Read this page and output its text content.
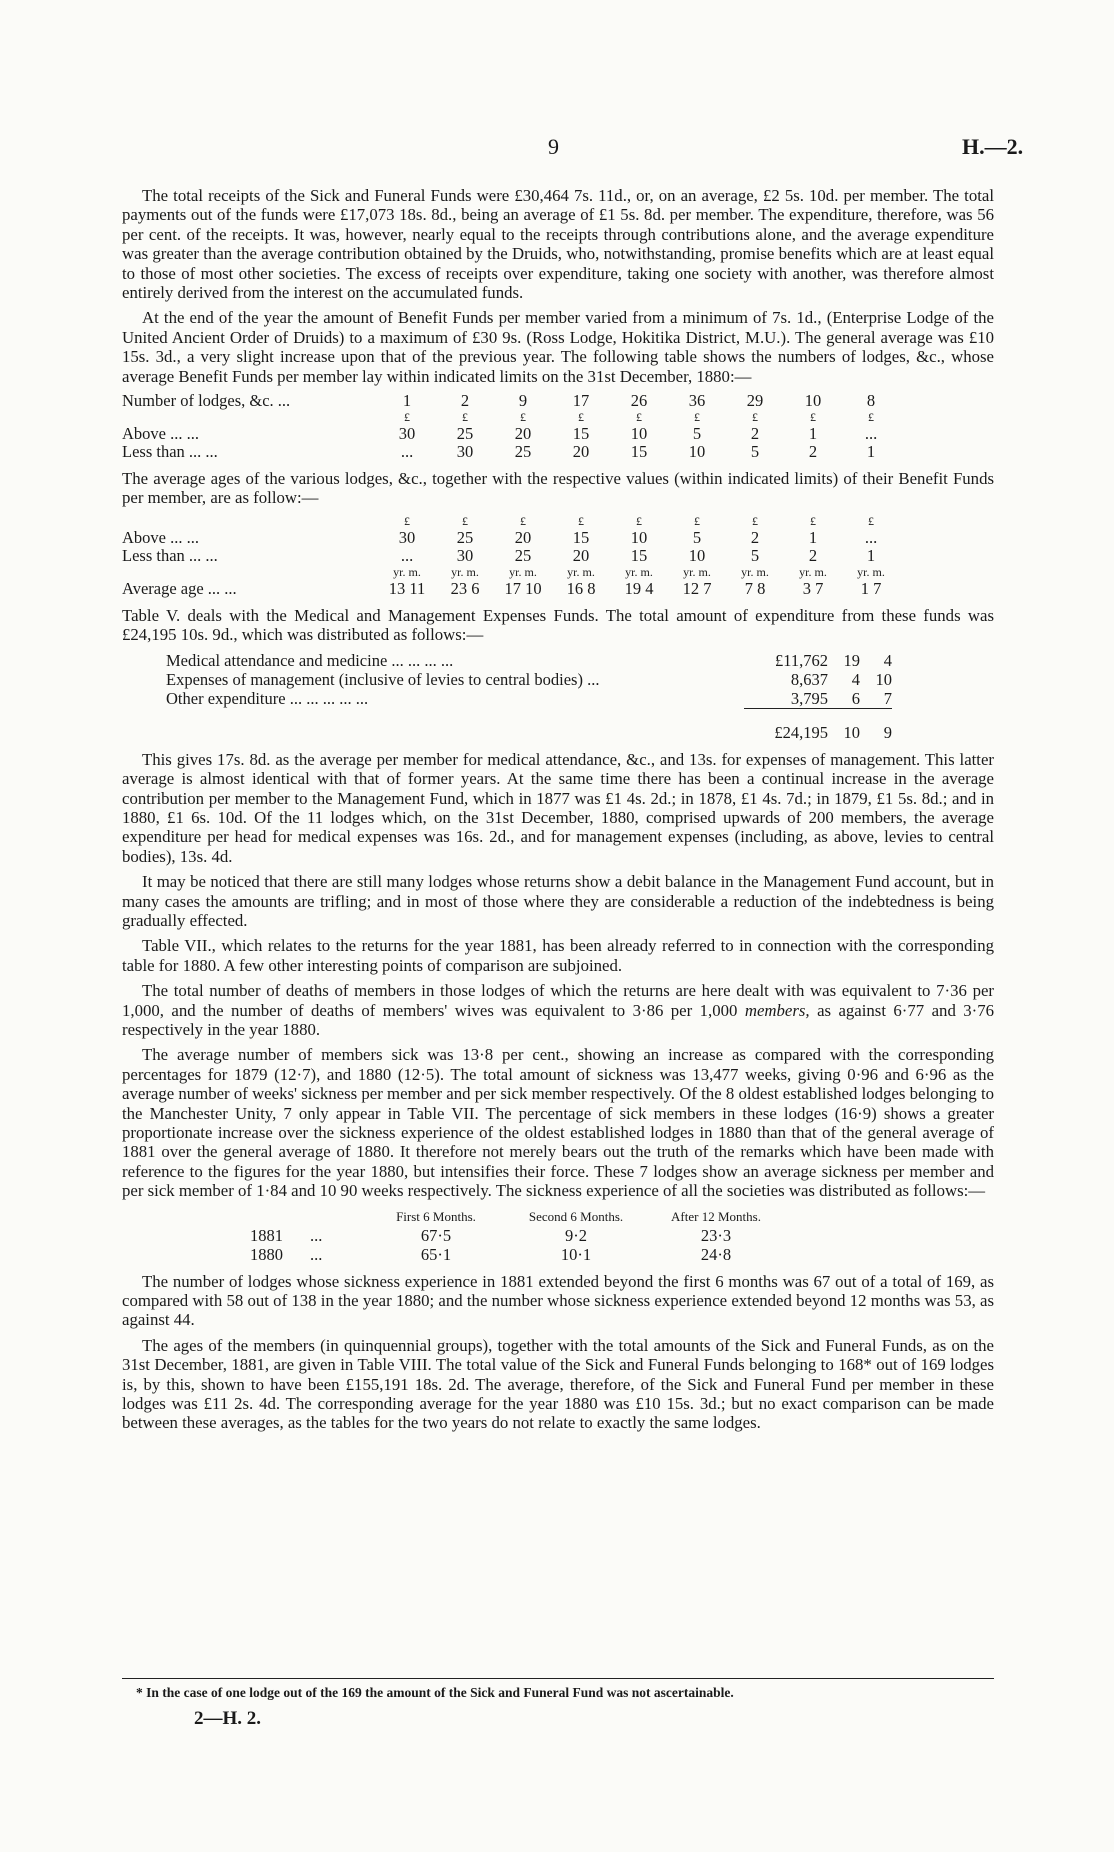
9	H.—2.

The total receipts of the Sick and Funeral Funds were £30,464 7s. 11d., or, on an average, £2 5s. 10d. per member. The total payments out of the funds were £17,073 18s. 8d., being an average of £1 5s. 8d. per member. The expenditure, therefore, was 56 per cent. of the receipts. It was, however, nearly equal to the receipts through contributions alone, and the average expenditure was greater than the average contribution obtained by the Druids, who, notwithstanding, promise benefits which are at least equal to those of most other societies. The excess of receipts over expenditure, taking one society with another, was therefore almost entirely derived from the interest on the accumulated funds.

At the end of the year the amount of Benefit Funds per member varied from a minimum of 7s. 1d., (Enterprise Lodge of the United Ancient Order of Druids) to a maximum of £30 9s. (Ross Lodge, Hokitika District, M.U.). The general average was £10 15s. 3d., a very slight increase upon that of the previous year. The following table shows the numbers of lodges, &c., whose average Benefit Funds per member lay within indicated limits on the 31st December, 1880:—

Number of lodges, &c. ...	1	2	9	17	26	36	29	10	8
	£	£	£	£	£	£	£	£	£
Above ... ...	30	25	20	15	10	5	2	1	...
Less than ... ...	...	30	25	20	15	10	5	2	1

The average ages of the various lodges, &c., together with the respective values (within indicated limits) of their Benefit Funds per member, are as follow:—

	£	£	£	£	£	£	£	£	£
Above ... ...	30	25	20	15	10	5	2	1	...
Less than ... ...	...	30	25	20	15	10	5	2	1
	yr. m.	yr. m.	yr. m.	yr. m.	yr. m.	yr. m.	yr. m.	yr. m.	yr. m.
Average age ... ...	13 11	23 6	17 10	16 8	19 4	12 7	7 8	3 7	1 7

Table V. deals with the Medical and Management Expenses Funds. The total amount of expenditure from these funds was £24,195 10s. 9d., which was distributed as follows:—

Medical attendance and medicine ... ... ... ...	£11,762	19	4
Expenses of management (inclusive of levies to central bodies) ...	8,637	4	10
Other expenditure ... ... ... ... ...	3,795	6	7
	£24,195	10	9

This gives 17s. 8d. as the average per member for medical attendance, &c., and 13s. for expenses of management. This latter average is almost identical with that of former years. At the same time there has been a continual increase in the average contribution per member to the Management Fund, which in 1877 was £1 4s. 2d.; in 1878, £1 4s. 7d.; in 1879, £1 5s. 8d.; and in 1880, £1 6s. 10d. Of the 11 lodges which, on the 31st December, 1880, comprised upwards of 200 members, the average expenditure per head for medical expenses was 16s. 2d., and for management expenses (including, as above, levies to central bodies), 13s. 4d.

It may be noticed that there are still many lodges whose returns show a debit balance in the Management Fund account, but in many cases the amounts are trifling; and in most of those where they are considerable a reduction of the indebtedness is being gradually effected.

Table VII., which relates to the returns for the year 1881, has been already referred to in connection with the corresponding table for 1880. A few other interesting points of comparison are subjoined.

The total number of deaths of members in those lodges of which the returns are here dealt with was equivalent to 7·36 per 1,000, and the number of deaths of members' wives was equivalent to 3·86 per 1,000 members, as against 6·77 and 3·76 respectively in the year 1880.

The average number of members sick was 13·8 per cent., showing an increase as compared with the corresponding percentages for 1879 (12·7), and 1880 (12·5). The total amount of sickness was 13,477 weeks, giving 0·96 and 6·96 as the average number of weeks' sickness per member and per sick member respectively. Of the 8 oldest established lodges belonging to the Manchester Unity, 7 only appear in Table VII. The percentage of sick members in these lodges (16·9) shows a greater proportionate increase over the sickness experience of the oldest established lodges in 1880 than that of the general average of 1881 over the general average of 1880. It therefore not merely bears out the truth of the remarks which have been made with reference to the figures for the year 1880, but intensifies their force. These 7 lodges show an average sickness per member and per sick member of 1·84 and 10 90 weeks respectively. The sickness experience of all the societies was distributed as follows:—

		First 6 Months.	Second 6 Months.	After 12 Months.
1881	...	67·5	9·2	23·3
1880	...	65·1	10·1	24·8

The number of lodges whose sickness experience in 1881 extended beyond the first 6 months was 67 out of a total of 169, as compared with 58 out of 138 in the year 1880; and the number whose sickness experience extended beyond 12 months was 53, as against 44.

The ages of the members (in quinquennial groups), together with the total amounts of the Sick and Funeral Funds, as on the 31st December, 1881, are given in Table VIII. The total value of the Sick and Funeral Funds belonging to 168* out of 169 lodges is, by this, shown to have been £155,191 18s. 2d. The average, therefore, of the Sick and Funeral Fund per member in these lodges was £11 2s. 4d. The corresponding average for the year 1880 was £10 15s. 3d.; but no exact comparison can be made between these averages, as the tables for the two years do not relate to exactly the same lodges.

* In the case of one lodge out of the 169 the amount of the Sick and Funeral Fund was not ascertainable.
2—H. 2.
